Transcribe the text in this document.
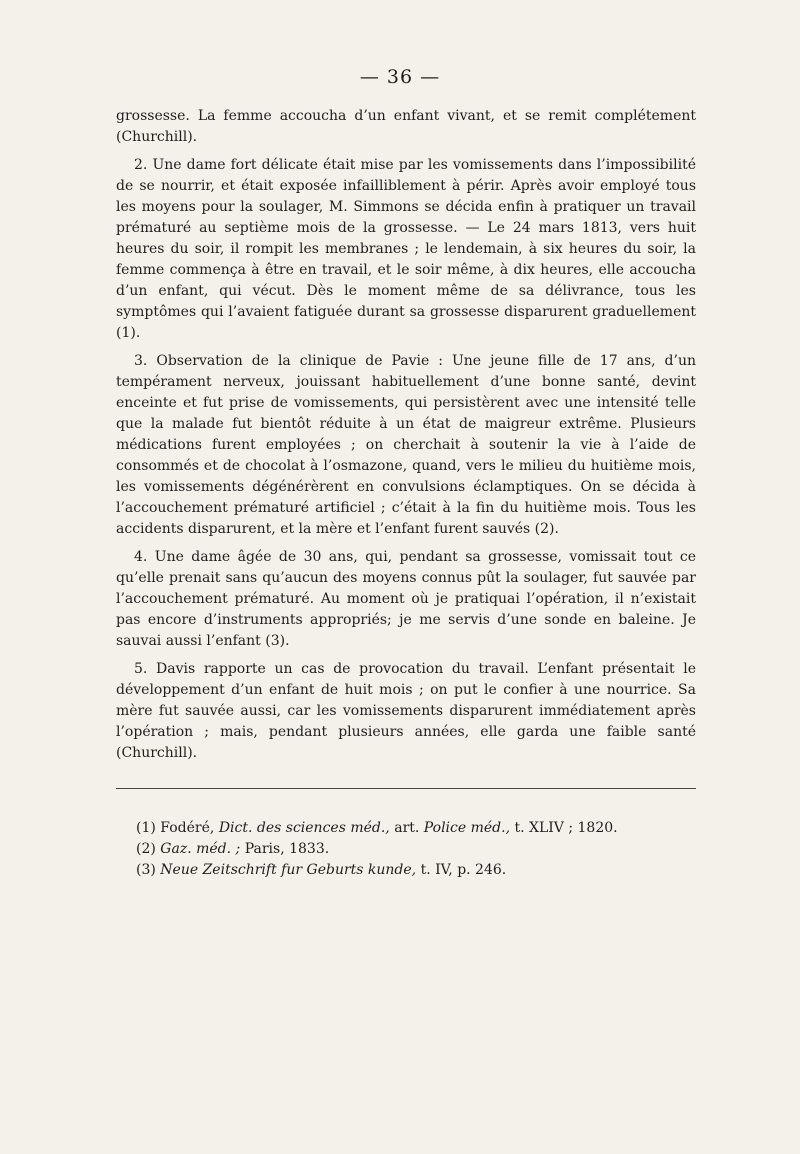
— 36 —

grossesse. La femme accoucha d’un enfant vivant, et se remit complétement (Churchill).

2. Une dame fort délicate était mise par les vomissements dans l’impossibilité de se nourrir, et était exposée infailliblement à périr. Après avoir employé tous les moyens pour la soulager, M. Simmons se décida enfin à pratiquer un travail prématuré au septième mois de la grossesse. — Le 24 mars 1813, vers huit heures du soir, il rompit les membranes ; le lendemain, à six heures du soir, la femme commença à être en travail, et le soir même, à dix heures, elle accoucha d’un enfant, qui vécut. Dès le moment même de sa délivrance, tous les symptômes qui l’avaient fatiguée durant sa grossesse disparurent graduellement (1).

3. Observation de la clinique de Pavie : Une jeune fille de 17 ans, d’un tempérament nerveux, jouissant habituellement d’une bonne santé, devint enceinte et fut prise de vomissements, qui persistèrent avec une intensité telle que la malade fut bientôt réduite à un état de maigreur extrême. Plusieurs médications furent employées ; on cherchait à soutenir la vie à l’aide de consommés et de chocolat à l’osmazone, quand, vers le milieu du huitième mois, les vomissements dégénérèrent en convulsions éclamptiques. On se décida à l’accouchement prématuré artificiel ; c’était à la fin du huitième mois. Tous les accidents disparurent, et la mère et l’enfant furent sauvés (2).

4. Une dame âgée de 30 ans, qui, pendant sa grossesse, vomissait tout ce qu’elle prenait sans qu’aucun des moyens connus pût la soulager, fut sauvée par l’accouchement prématuré. Au moment où je pratiquai l’opération, il n’existait pas encore d’instruments appropriés; je me servis d’une sonde en baleine. Je sauvai aussi l’enfant (3).

5. Davis rapporte un cas de provocation du travail. L’enfant présentait le développement d’un enfant de huit mois ; on put le confier à une nourrice. Sa mère fut sauvée aussi, car les vomissements disparurent immédiatement après l’opération ; mais, pendant plusieurs années, elle garda une faible santé (Churchill).

(1) Fodéré, Dict. des sciences méd., art. Police méd., t. XLIV ; 1820.
(2) Gaz. méd. ; Paris, 1833.
(3) Neue Zeitschrift fur Geburts kunde, t. IV, p. 246.
